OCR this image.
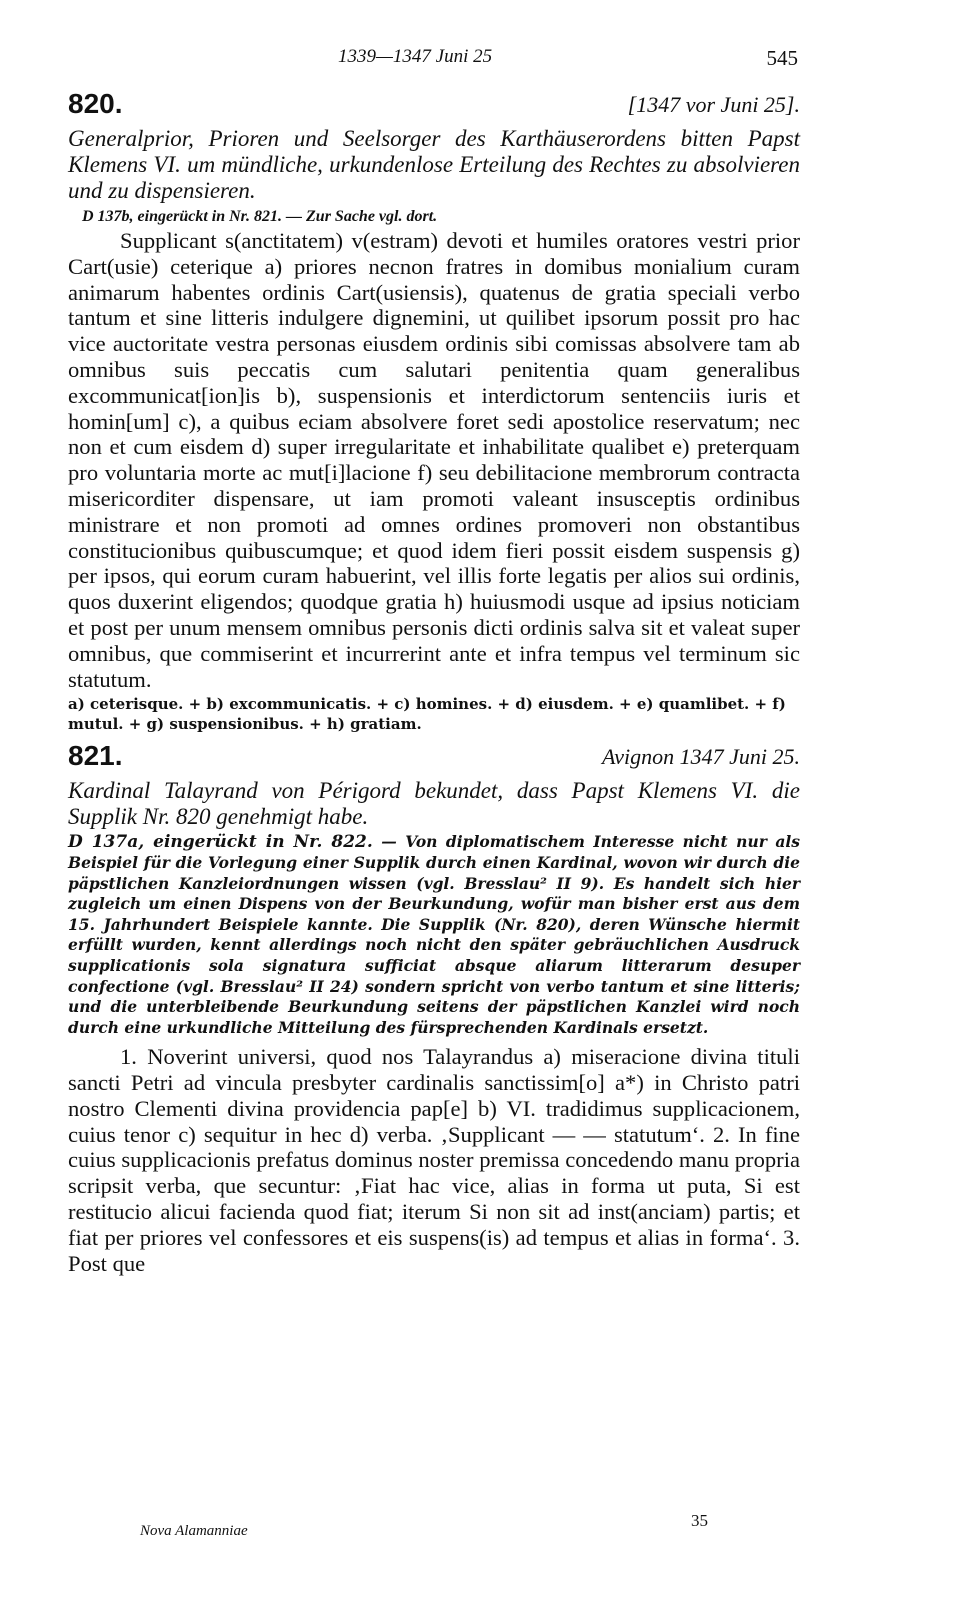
1339—1347 Juni 25	545
820.	[1347 vor Juni 25].

Generalprior, Prioren und Seelsorger des Karthäuserordens bitten Papst Klemens VI. um mündliche, urkundenlose Erteilung des Rechtes zu absolvieren und zu dispensieren.

D 137b, eingerückt in Nr. 821. — Zur Sache vgl. dort.

Supplicant s(anctitatem) v(estram) devoti et humiles oratores vestri prior Cart(usie) ceterique a) priores necnon fratres in domibus monialium curam animarum habentes ordinis Cart(usiensis), quatenus de gratia speciali verbo tantum et sine litteris indulgere dignemini, ut quilibet ipsorum possit pro hac vice auctoritate vestra personas eiusdem ordinis sibi comissas absolvere tam ab omnibus suis peccatis cum salutari penitentia quam generalibus excommunicat[ion]is b), suspensionis et interdictorum sentenciis iuris et homin[um] c), a quibus eciam absolvere foret sedi apostolice reservatum; nec non et cum eisdem d) super irregularitate et inhabilitate qualibet e) preterquam pro voluntaria morte ac mut[i]lacione f) seu debilitacione membrorum contracta misericorditer dispensare, ut iam promoti valeant insusceptis ordinibus ministrare et non promoti ad omnes ordines promoveri non obstantibus constitucionibus quibuscumque; et quod idem fieri possit eisdem suspensis g) per ipsos, qui eorum curam habuerint, vel illis forte legatis per alios sui ordinis, quos duxerint eligendos; quodque gratia h) huiusmodi usque ad ipsius noticiam et post per unum mensem omnibus personis dicti ordinis salva sit et valeat super omnibus, que commiserint et incurrerint ante et infra tempus vel terminum sic statutum.

a) ceterisque. + b) excommunicatis. + c) homines. + d) eiusdem. + e) quamlibet. + f) mutul. + g) suspensionibus. + h) gratiam.
821.	Avignon 1347 Juni 25.

Kardinal Talayrand von Périgord bekundet, dass Papst Klemens VI. die Supplik Nr. 820 genehmigt habe.

D 137a, eingerückt in Nr. 822. — Von diplomatischem Interesse nicht nur als Beispiel für die Vorlegung einer Supplik durch einen Kardinal, wovon wir durch die päpstlichen Kanzleiordnungen wissen (vgl. Bresslau² II 9). Es handelt sich hier zugleich um einen Dispens von der Beurkundung, wofür man bisher erst aus dem 15. Jahrhundert Beispiele kannte. Die Supplik (Nr. 820), deren Wünsche hiermit erfüllt wurden, kennt allerdings noch nicht den später gebräuchlichen Ausdruck supplicationis sola signatura sufficiat absque aliarum litterarum desuper confectione (vgl. Bresslau² II 24) sondern spricht von verbo tantum et sine litteris; und die unterbleibende Beurkundung seitens der päpstlichen Kanzlei wird noch durch eine urkundliche Mitteilung des fürsprechenden Kardinals ersetzt.

1. Noverint universi, quod nos Talayrandus a) miseracione divina tituli sancti Petri ad vincula presbyter cardinalis sanctissim[o] a*) in Christo patri nostro Clementi divina providencia pap[e] b) VI. tradidimus supplicacionem, cuius tenor c) sequitur in hec d) verba. ‚Supplicant — — statutum‘. 2. In fine cuius supplicacionis prefatus dominus noster premissa concedendo manu propria scripsit verba, que secuntur: ‚Fiat hac vice, alias in forma ut puta, Si est restitucio alicui facienda quod fiat; iterum Si non sit ad inst(anciam) partis; et fiat per priores vel confessores et eis suspens(is) ad tempus et alias in forma‘. 3. Post que

Nova Alamanniae
35
